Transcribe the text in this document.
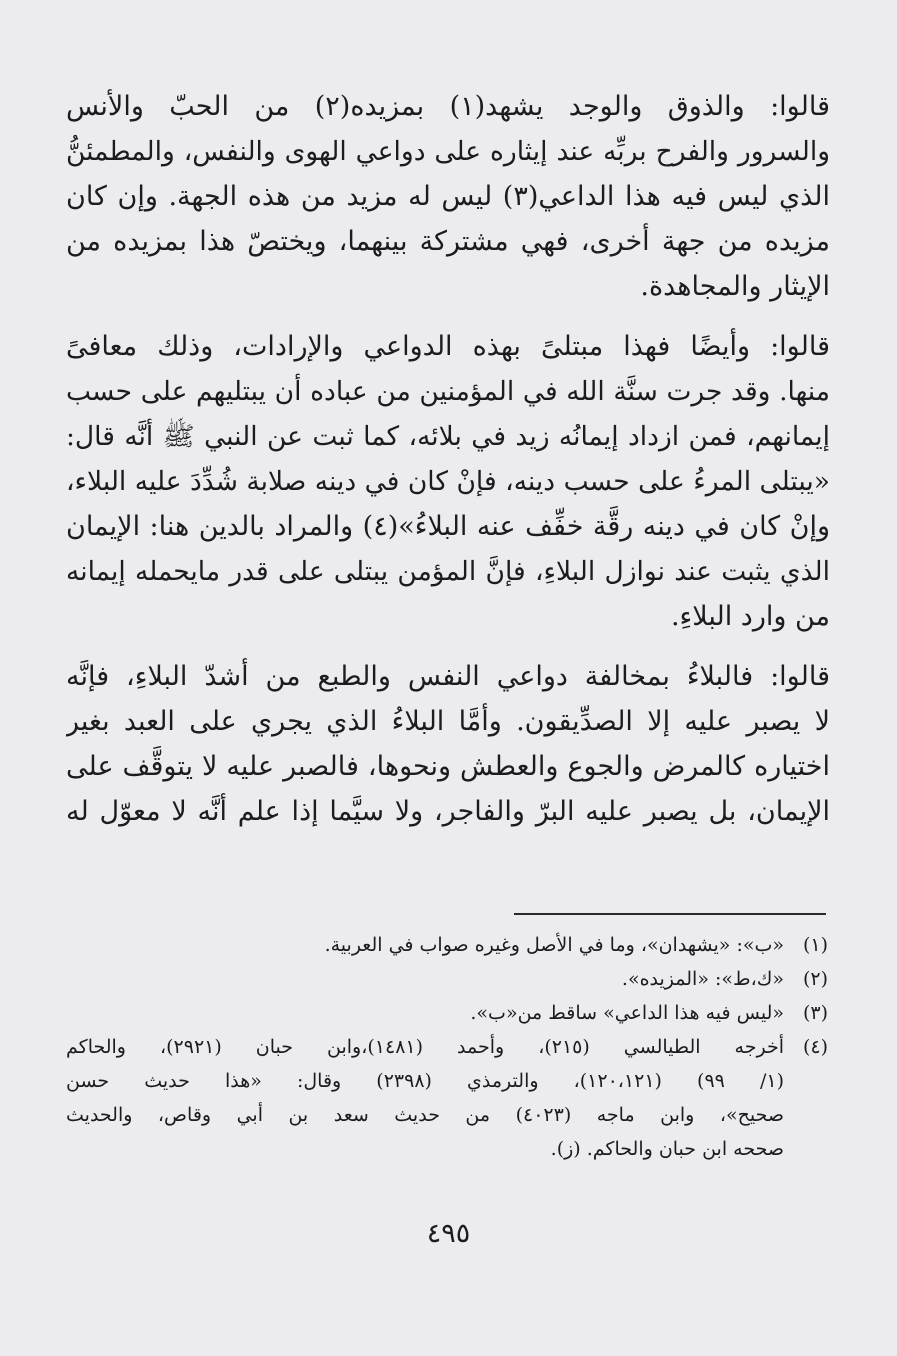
قالوا: والذوق والوجد يشهد(١) بمزيده(٢) من الحبّ والأنس
والسرور والفرح بربِّه عند إيثاره على دواعي الهوى والنفس، والمطمئنُّ
الذي ليس فيه هذا الداعي(٣) ليس له مزيد من هذه الجهة. وإن كان
مزيده من جهة أخرى، فهي مشتركة بينهما، ويختصّ هذا بمزيده من
الإيثار والمجاهدة.
قالوا: وأيضًا فهذا مبتلىً بهذه الدواعي والإرادات، وذلك معافىً
منها. وقد جرت سنَّة الله في المؤمنين من عباده أن يبتليهم على حسب
إيمانهم، فمن ازداد إيمانُه زيد في بلائه، كما ثبت عن النبي ﷺ أنَّه قال:
«يبتلى المرءُ على حسب دينه، فإنْ كان في دينه صلابة شُدِّدَ عليه البلاء،
وإنْ كان في دينه رقَّة خفِّف عنه البلاءُ»(٤) والمراد بالدين هنا: الإيمان
الذي يثبت عند نوازل البلاءِ، فإنَّ المؤمن يبتلى على قدر مايحمله إيمانه
من وارد البلاءِ.
قالوا: فالبلاءُ بمخالفة دواعي النفس والطبع من أشدّ البلاءِ، فإنَّه
لا يصبر عليه إلا الصدِّيقون. وأمَّا البلاءُ الذي يجري على العبد بغير
اختياره كالمرض والجوع والعطش ونحوها، فالصبر عليه لا يتوقَّف على
الإيمان، بل يصبر عليه البرّ والفاجر، ولا سيَّما إذا علم أنَّه لا معوّل له
(١)
«ب»: «يشهدان»، وما في الأصل وغيره صواب في العربية.
(٢)
«ك،ط»: «المزيده».
(٣)
«ليس فيه هذا الداعي» ساقط من«ب».
(٤)
أخرجه الطيالسي (٢١٥)، وأحمد (١٤٨١)،وابن حبان (٢٩٢١)، والحاكم
(١/ ٩٩) (١٢٠،١٢١)، والترمذي (٢٣٩٨) وقال: «هذا حديث حسن
صحيح»، وابن ماجه (٤٠٢٣) من حديث سعد بن أبي وقاص، والحديث
صححه ابن حبان والحاكم. (ز).
٤٩٥
